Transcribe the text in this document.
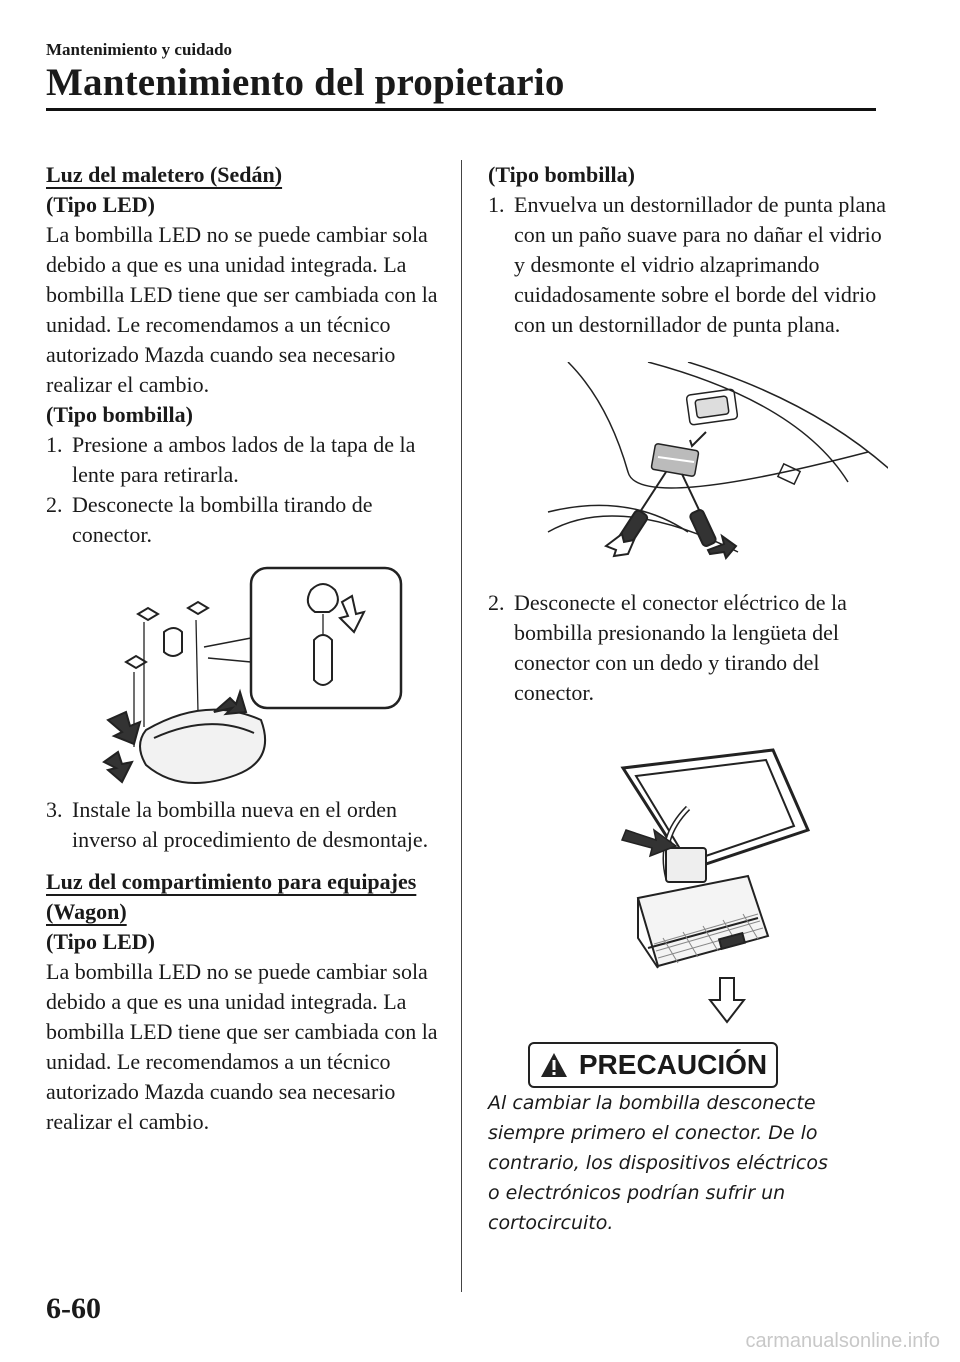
Mantenimiento y cuidado
Mantenimiento del propietario

Luz del maletero (Sedán)

(Tipo LED)

La bombilla LED no se puede cambiar sola debido a que es una unidad integrada. La bombilla LED tiene que ser cambiada con la unidad. Le recomendamos a un técnico autorizado Mazda cuando sea necesario realizar el cambio.

(Tipo bombilla)

1. Presione a ambos lados de la tapa de la lente para retirarla.
2. Desconecte la bombilla tirando de conector.
3. Instale la bombilla nueva en el orden inverso al procedimiento de desmontaje.

Luz del compartimiento para equipajes (Wagon)

(Tipo LED)

La bombilla LED no se puede cambiar sola debido a que es una unidad integrada. La bombilla LED tiene que ser cambiada con la unidad. Le recomendamos a un técnico autorizado Mazda cuando sea necesario realizar el cambio.

(Tipo bombilla)

1. Envuelva un destornillador de punta plana con un paño suave para no dañar el vidrio y desmonte el vidrio alzaprimando cuidadosamente sobre el borde del vidrio con un destornillador de punta plana.
2. Desconecte el conector eléctrico de la bombilla presionando la lengüeta del conector con un dedo y tirando del conector.
PRECAUCIÓN

Al cambiar la bombilla desconecte siempre primero el conector. De lo contrario, los dispositivos eléctricos o electrónicos podrían sufrir un cortocircuito.

6-60
carmanualsonline.info
